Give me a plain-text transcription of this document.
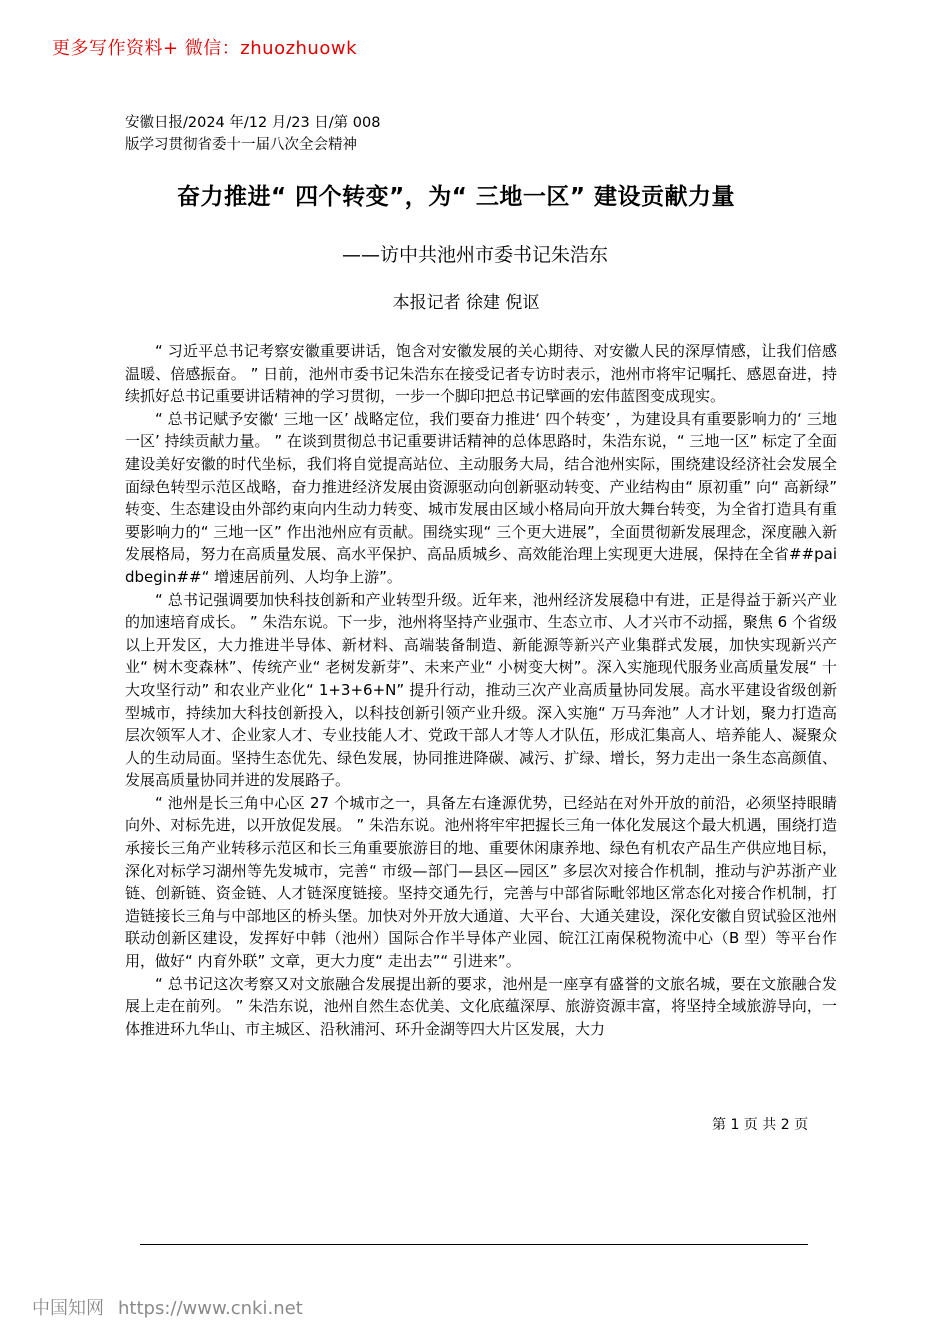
更多写作资料+ 微信：zhuozhuowk
安徽日报/2024 年/12 月/23 日/第 008
版学习贯彻省委十一届八次全会精神
奋力推进“ 四个转变”，为“ 三地一区” 建设贡献力量
——访中共池州市委书记朱浩东
本报记者 徐建 倪讴

“ 习近平总书记考察安徽重要讲话，饱含对安徽发展的关心期待、对安徽人民的深厚情感，让我们倍感温暖、倍感振奋。 ” 日前，池州市委书记朱浩东在接受记者专访时表示，池州市将牢记嘱托、感恩奋进，持续抓好总书记重要讲话精神的学习贯彻，一步一个脚印把总书记擘画的宏伟蓝图变成现实。

“ 总书记赋予安徽‘ 三地一区’ 战略定位，我们要奋力推进‘ 四个转变’ ，为建设具有重要影响力的‘ 三地一区’ 持续贡献力量。 ” 在谈到贯彻总书记重要讲话精神的总体思路时，朱浩东说，“ 三地一区” 标定了全面建设美好安徽的时代坐标，我们将自觉提高站位、主动服务大局，结合池州实际，围绕建设经济社会发展全面绿色转型示范区战略，奋力推进经济发展由资源驱动向创新驱动转变、产业结构由“ 原初重” 向“ 高新绿” 转变、生态建设由外部约束向内生动力转变、城市发展由区域小格局向开放大舞台转变，为全省打造具有重要影响力的“ 三地一区” 作出池州应有贡献。围绕实现“ 三个更大进展”，全面贯彻新发展理念，深度融入新发展格局，努力在高质量发展、高水平保护、高品质城乡、高效能治理上实现更大进展，保持在全省##paidbegin##“ 增速居前列、人均争上游”。

“ 总书记强调要加快科技创新和产业转型升级。近年来，池州经济发展稳中有进，正是得益于新兴产业的加速培育成长。 ” 朱浩东说。下一步，池州将坚持产业强市、生态立市、人才兴市不动摇，聚焦 6 个省级以上开发区，大力推进半导体、新材料、高端装备制造、新能源等新兴产业集群式发展，加快实现新兴产业“ 树木变森林”、传统产业“ 老树发新芽”、未来产业“ 小树变大树”。深入实施现代服务业高质量发展“ 十大攻坚行动” 和农业产业化“ 1+3+6+N” 提升行动，推动三次产业高质量协同发展。高水平建设省级创新型城市，持续加大科技创新投入，以科技创新引领产业升级。深入实施“ 万马奔池” 人才计划，聚力打造高层次领军人才、企业家人才、专业技能人才、党政干部人才等人才队伍，形成汇集高人、培养能人、凝聚众人的生动局面。坚持生态优先、绿色发展，协同推进降碳、减污、扩绿、增长，努力走出一条生态高颜值、发展高质量协同并进的发展路子。

“ 池州是长三角中心区 27 个城市之一，具备左右逢源优势，已经站在对外开放的前沿，必须坚持眼睛向外、对标先进，以开放促发展。 ” 朱浩东说。池州将牢牢把握长三角一体化发展这个最大机遇，围绕打造承接长三角产业转移示范区和长三角重要旅游目的地、重要休闲康养地、绿色有机农产品生产供应地目标，深化对标学习湖州等先发城市，完善“ 市级—部门—县区—园区” 多层次对接合作机制，推动与沪苏浙产业链、创新链、资金链、人才链深度链接。坚持交通先行，完善与中部省际毗邻地区常态化对接合作机制，打造链接长三角与中部地区的桥头堡。加快对外开放大通道、大平台、大通关建设，深化安徽自贸试验区池州联动创新区建设，发挥好中韩（池州）国际合作半导体产业园、皖江江南保税物流中心（B 型）等平台作用，做好“ 内育外联” 文章，更大力度“ 走出去”“ 引进来”。

“ 总书记这次考察又对文旅融合发展提出新的要求，池州是一座享有盛誉的文旅名城，要在文旅融合发展上走在前列。 ” 朱浩东说，池州自然生态优美、文化底蕴深厚、旅游资源丰富，将坚持全域旅游导向，一体推进环九华山、市主城区、沿秋浦河、环升金湖等四大片区发展，大力

第 1 页 共 2 页
中国知网 https://www.cnki.net
